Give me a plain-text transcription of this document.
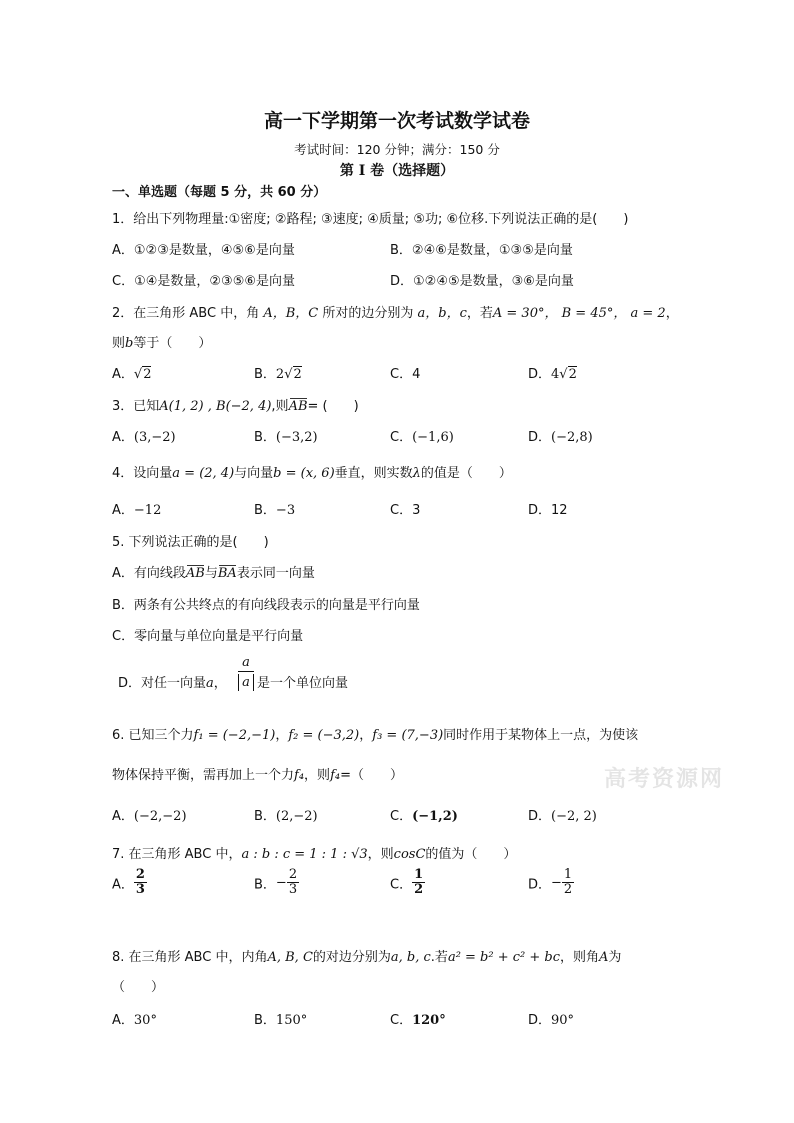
高一下学期第一次考试数学试卷
考试时间：120 分钟；满分：150 分
第 I 卷（选择题）
一、单选题（每题 5 分，共 60 分）
1．给出下列物理量:①密度; ②路程; ③速度; ④质量; ⑤功; ⑥位移.下列说法正确的是(　　)
A．①②③是数量，④⑤⑥是向量	B．②④⑥是数量，①③⑤是向量
C．①④是数量，②③⑤⑥是向量	D．①②④⑤是数量，③⑥是向量
2．在三角形 ABC 中，角 A，B，C 所对的边分别为 a，b，c，若A = 30°， B = 45°， a = 2，
则b等于（　　）
A．√2	B．2√2	C．4	D．4√2
3．已知A(1, 2) , B(−2, 4),则AB= (　　)
A．(3,−2)	B．(−3,2)	C．(−1,6)	D．(−2,8)
4．设向量a = (2, 4)与向量b = (x, 6)垂直，则实数λ的值是（　　）
A．−12	B．−3	C．3	D．12
5. 下列说法正确的是(　　)
A．有向线段AB与BA表示同一向量
B．两条有公共终点的有向线段表示的向量是平行向量
C．零向量与单位向量是平行向量
D．对任一向量a，
a
a 是一个单位向量
6. 已知三个力f₁ = (−2,−1)，f₂ = (−3,2)，f₃ = (7,−3)同时作用于某物体上一点，为使该
物体保持平衡，需再加上一个力f₄，则f₄=（　　）	高考资源网
A．(−2,−2)	B．(2,−2)	C．(−1,2)	D．(−2, 2)
7. 在三角形 ABC 中，a : b : c = 1 : 1 : √3，则cosC的值为（　　）
A． $\frac{2}{3}$	B．− $\frac{2}{3}$	C． $\frac{1}{2}$	D．− $\frac{1}{2}$
8. 在三角形 ABC 中，内角A, B, C的对边分别为a, b, c.若a² = b² + c² + bc，则角A为
（　　）
A．30°	B．150°	C．120°	D．90°
